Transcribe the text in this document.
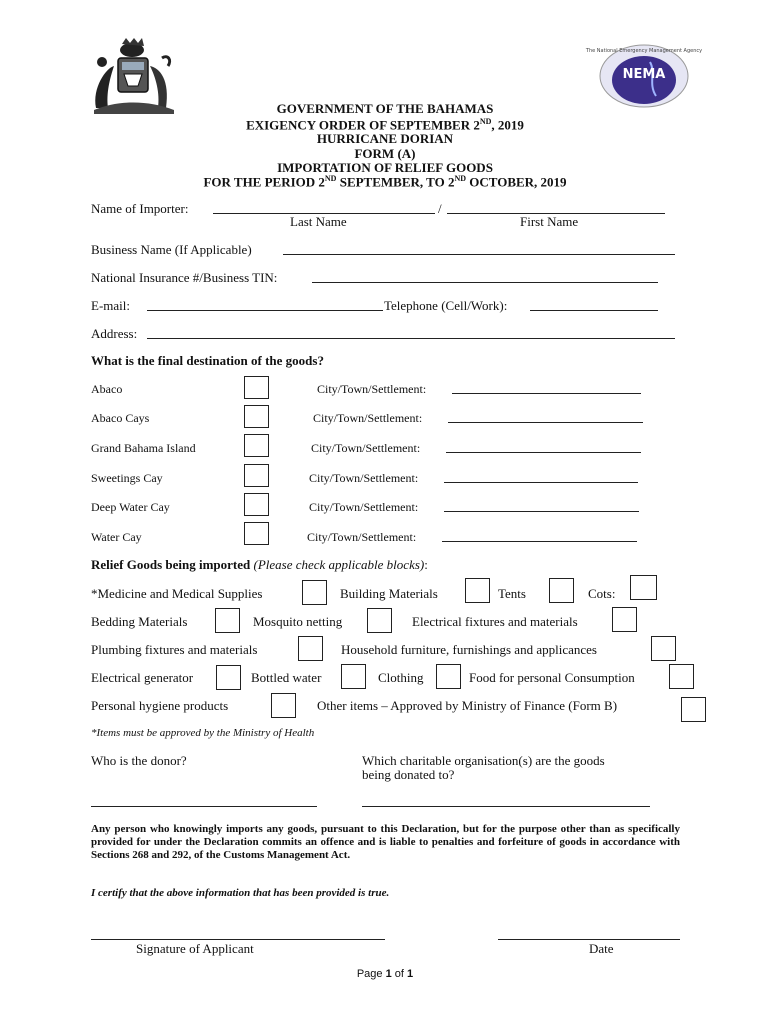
NEMA
The National Emergency Management Agency
GOVERNMENT OF THE BAHAMAS
EXIGENCY ORDER OF SEPTEMBER 2ND, 2019
HURRICANE DORIAN
FORM (A)
IMPORTATION OF RELIEF GOODS
FOR THE PERIOD 2ND SEPTEMBER, TO 2ND OCTOBER, 2019
Name of Importer:	/
Last Name	First Name
Business Name (If Applicable)
National Insurance #/Business TIN:
E-mail:	Telephone (Cell/Work):
Address:
What is the final destination of the goods?
Abaco	City/Town/Settlement:
Abaco Cays	City/Town/Settlement:
Grand Bahama Island	City/Town/Settlement:
Sweetings Cay	City/Town/Settlement:
Deep Water Cay	City/Town/Settlement:
Water Cay	City/Town/Settlement:
Relief Goods being imported (Please check applicable blocks):
*Medicine and Medical Supplies	Building Materials	Tents	Cots:
Bedding Materials	Mosquito netting	Electrical fixtures and materials
Plumbing fixtures and materials	Household furniture, furnishings and applicances
Electrical generator	Bottled water	Clothing	Food for personal Consumption
Personal hygiene products	Other items – Approved by Ministry of Finance (Form B)
*Items must be approved by the Ministry of Health
Who is the donor?	Which charitable organisation(s) are the goods
being donated to?
Any person who knowingly imports any goods, pursuant to this Declaration, but for the purpose other than as specifically provided for under the Declaration commits an offence and is liable to penalties and forfeiture of goods in accordance with Sections 268 and 292, of the Customs Management Act.
I certify that the above information that has been provided is true.
Signature of Applicant	Date
Page 1 of 1
